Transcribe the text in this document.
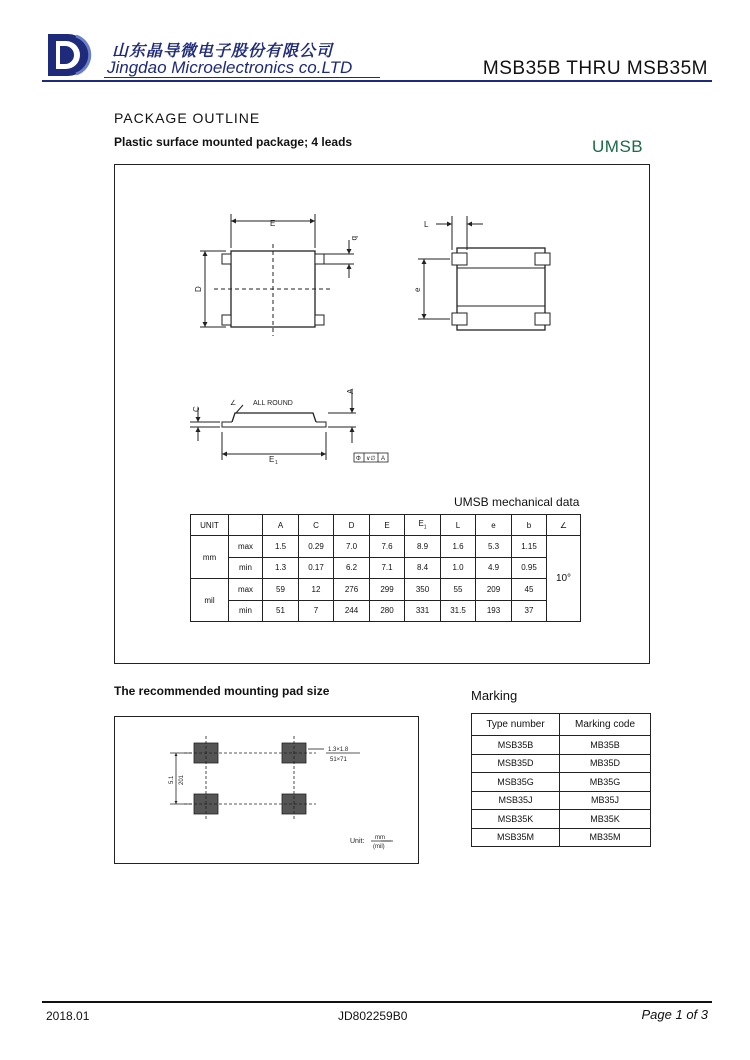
山东晶导微电子股份有限公司
Jingdao Microelectronics co.LTD	MSB35B THRU MSB35M
PACKAGE OUTLINE
Plastic surface mounted package; 4 leads	UMSB
E
b
D
L
e
∠ ALL ROUND
A
C
E 1
Φ ∨∅ A
UMSB mechanical data
UNIT		A	C	D	E	$E_1$	L	e	b	∠
mm	max	1.5	0.29	7.0	7.6	8.9	1.6	5.3	1.15	10°
	min	1.3	0.17	6.2	7.1	8.4	1.0	4.9	0.95	
mil	max	59	12	276	299	350	55	209	45	
	min	51	7	244	280	331	31.5	193	37	
The recommended mounting pad size
1.3×1.8
51×71
5.1 201
Unit: mm
(mil)
Marking
Type number	Marking code
MSB35B	MB35B
MSB35D	MB35D
MSB35G	MB35G
MSB35J	MB35J
MSB35K	MB35K
MSB35M	MB35M
2018.01	JD802259B0	Page 1 of 3
